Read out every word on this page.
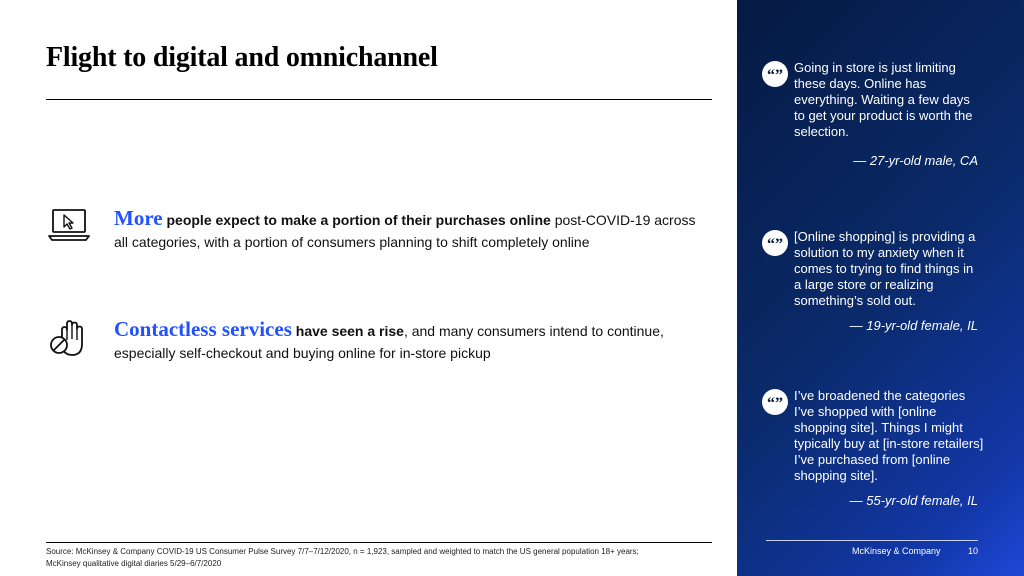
Flight to digital and omnichannel
More people expect to make a portion of their purchases online post-COVID-19 across all categories, with a portion of consumers planning to shift completely online
Contactless services have seen a rise, and many consumers intend to continue, especially self-checkout and buying online for in-store pickup
“” Going in store is just limiting these days. Online has everything. Waiting a few days to get your product is worth the selection.
— 27-yr-old male, CA
“” [Online shopping] is providing a solution to my anxiety when it comes to trying to find things in a large store or realizing something’s sold out.
— 19-yr-old female, IL
“” I’ve broadened the categories I’ve shopped with [online shopping site]. Things I might typically buy at [in-store retailers] I’ve purchased from [online shopping site].
— 55-yr-old female, IL
Source: McKinsey & Company COVID-19 US Consumer Pulse Survey 7/7–7/12/2020, n = 1,923, sampled and weighted to match the US general population 18+ years;
McKinsey qualitative digital diaries 5/29–6/7/2020
McKinsey & Company	10
